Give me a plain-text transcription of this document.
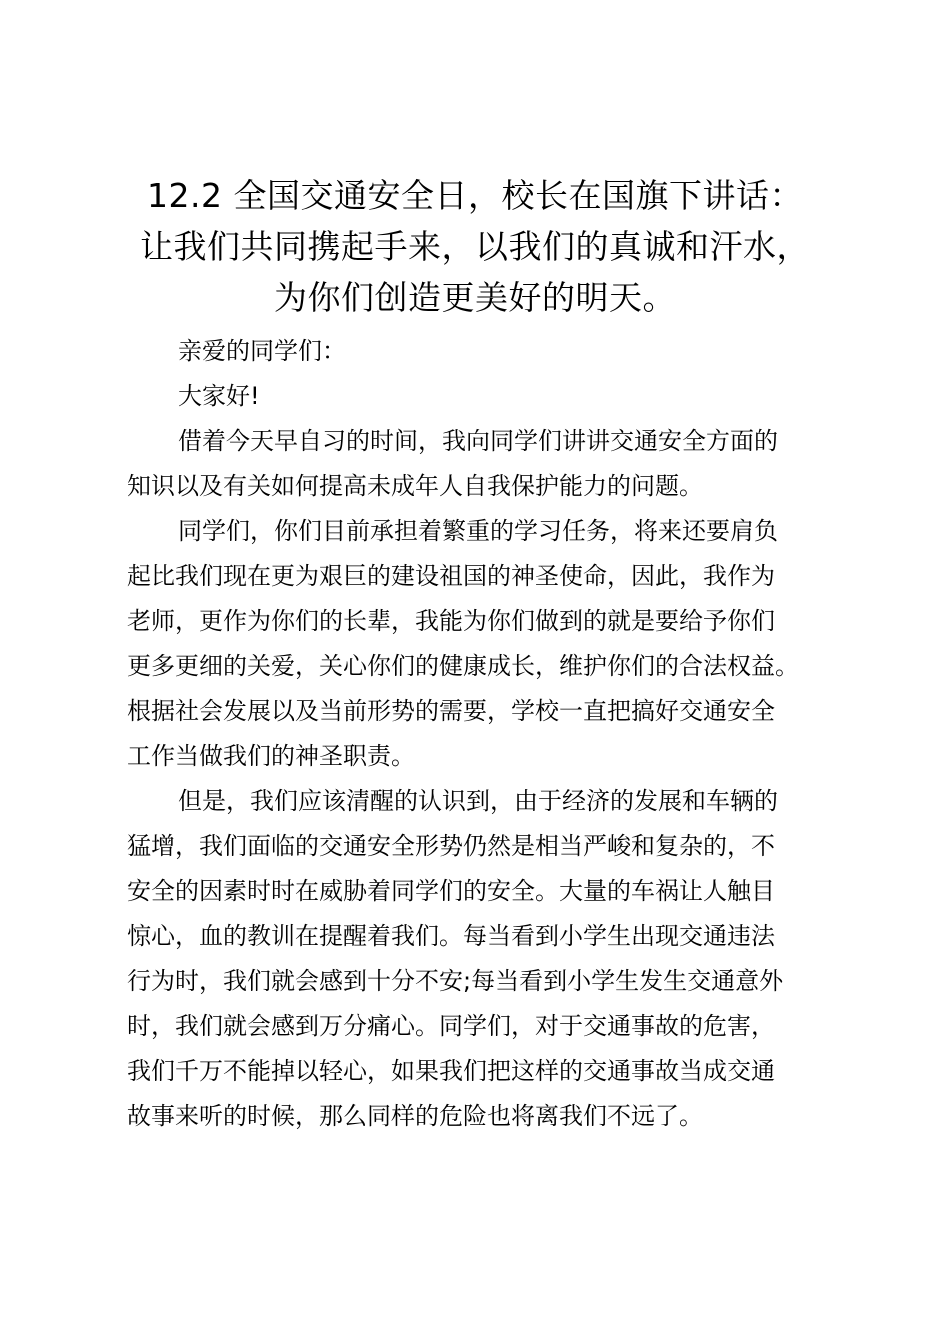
12.2 全国交通安全日，校长在国旗下讲话：
让我们共同携起手来，以我们的真诚和汗水，
为你们创造更美好的明天。
亲爱的同学们：
大家好!
借着今天早自习的时间，我向同学们讲讲交通安全方面的
知识以及有关如何提高未成年人自我保护能力的问题。
同学们，你们目前承担着繁重的学习任务，将来还要肩负
起比我们现在更为艰巨的建设祖国的神圣使命，因此，我作为
老师，更作为你们的长辈，我能为你们做到的就是要给予你们
更多更细的关爱，关心你们的健康成长，维护你们的合法权益。
根据社会发展以及当前形势的需要，学校一直把搞好交通安全
工作当做我们的神圣职责。
但是，我们应该清醒的认识到，由于经济的发展和车辆的
猛增，我们面临的交通安全形势仍然是相当严峻和复杂的，不
安全的因素时时在威胁着同学们的安全。大量的车祸让人触目
惊心，血的教训在提醒着我们。每当看到小学生出现交通违法
行为时，我们就会感到十分不安;每当看到小学生发生交通意外
时，我们就会感到万分痛心。同学们，对于交通事故的危害，
我们千万不能掉以轻心，如果我们把这样的交通事故当成交通
故事来听的时候，那么同样的危险也将离我们不远了。
